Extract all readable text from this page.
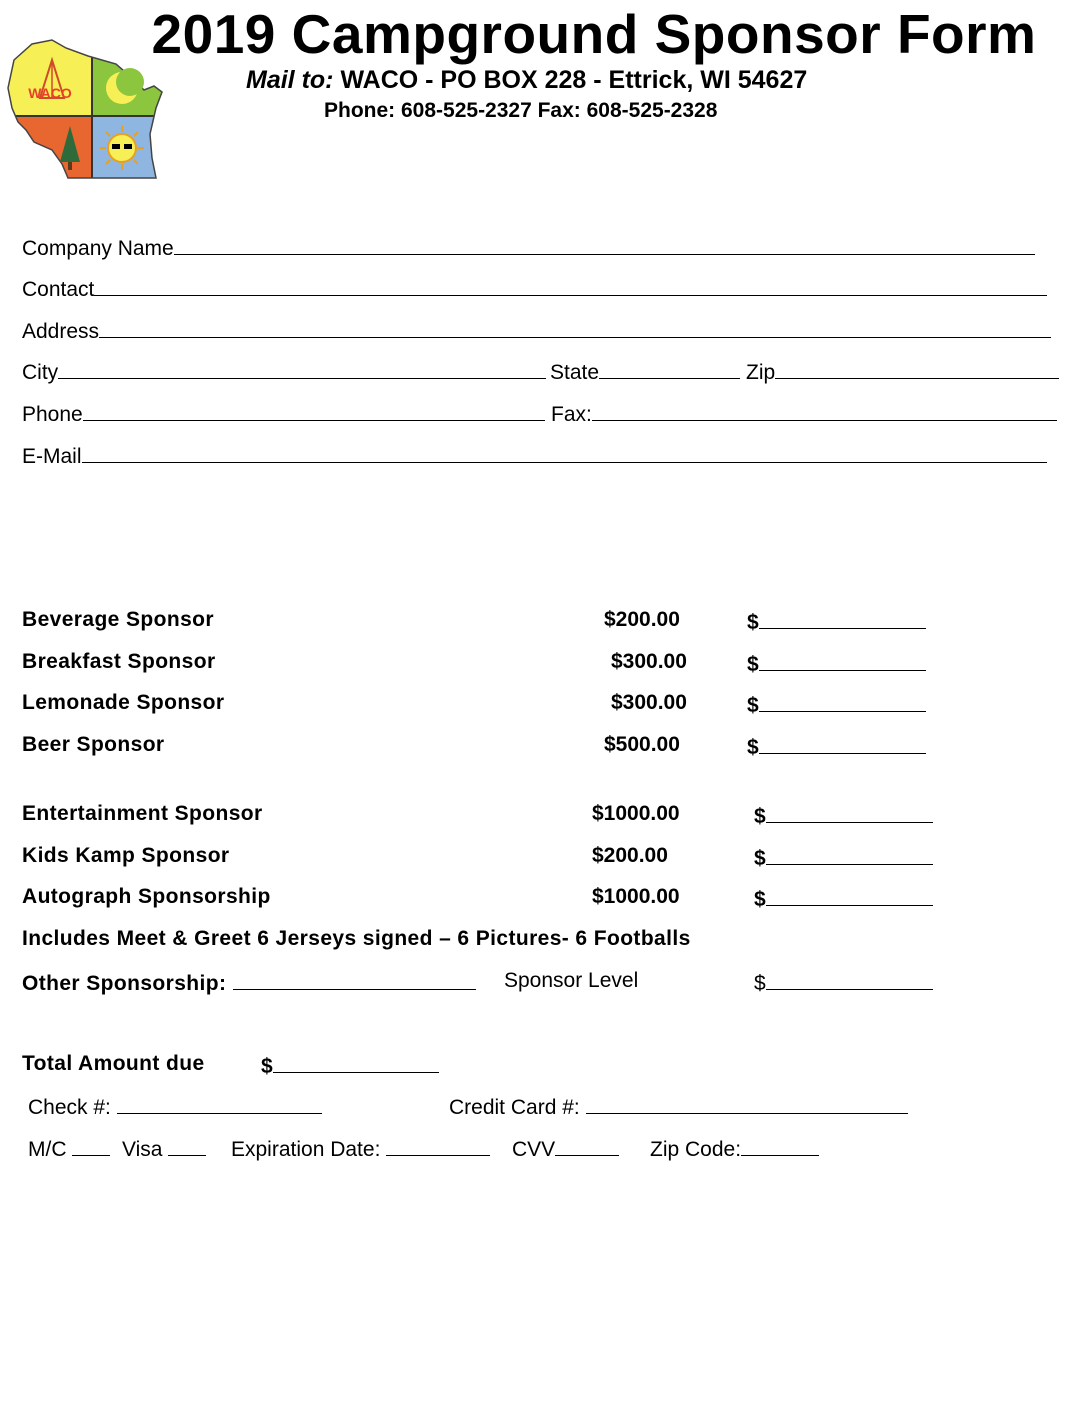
2019 Campground Sponsor Form
Mail to: WACO - PO BOX 228 - Ettrick, WI 54627
Phone: 608-525-2327 Fax: 608-525-2328
WACO
Company Name
Contact
Address
City	State	Zip
Phone	Fax:
E-Mail
Beverage Sponsor	$200.00	$
Breakfast Sponsor	$300.00	$
Lemonade Sponsor	$300.00	$
Beer Sponsor	$500.00	$
Entertainment Sponsor	$1000.00	$
Kids Kamp Sponsor	$200.00	$
Autograph Sponsorship	$1000.00	$
Includes Meet & Greet 6 Jerseys signed – 6 Pictures- 6 Footballs
Other Sponsorship:	Sponsor Level	$
Total Amount due	$
Check #:	Credit Card #:
M/C	Visa	Expiration Date:	CVV	Zip Code:
